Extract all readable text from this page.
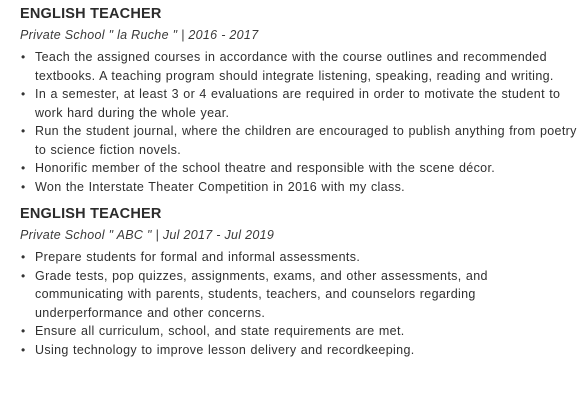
ENGLISH TEACHER
Private School " la Ruche " | 2016 - 2017
• Teach the assigned courses in accordance with the course outlines and recommended textbooks. A teaching program should integrate listening, speaking, reading and writing.
• In a semester, at least 3 or 4 evaluations are required in order to motivate the student to work hard during the whole year.
• Run the student journal, where the children are encouraged to publish anything from poetry to science fiction novels.
• Honorific member of the school theatre and responsible with the scene décor.
• Won the Interstate Theater Competition in 2016 with my class.
ENGLISH TEACHER
Private School " ABC " | Jul 2017 - Jul 2019
• Prepare students for formal and informal assessments.
• Grade tests, pop quizzes, assignments, exams, and other assessments, and communicating with parents, students, teachers, and counselors regarding underperformance and other concerns.
• Ensure all curriculum, school, and state requirements are met.
• Using technology to improve lesson delivery and recordkeeping.
